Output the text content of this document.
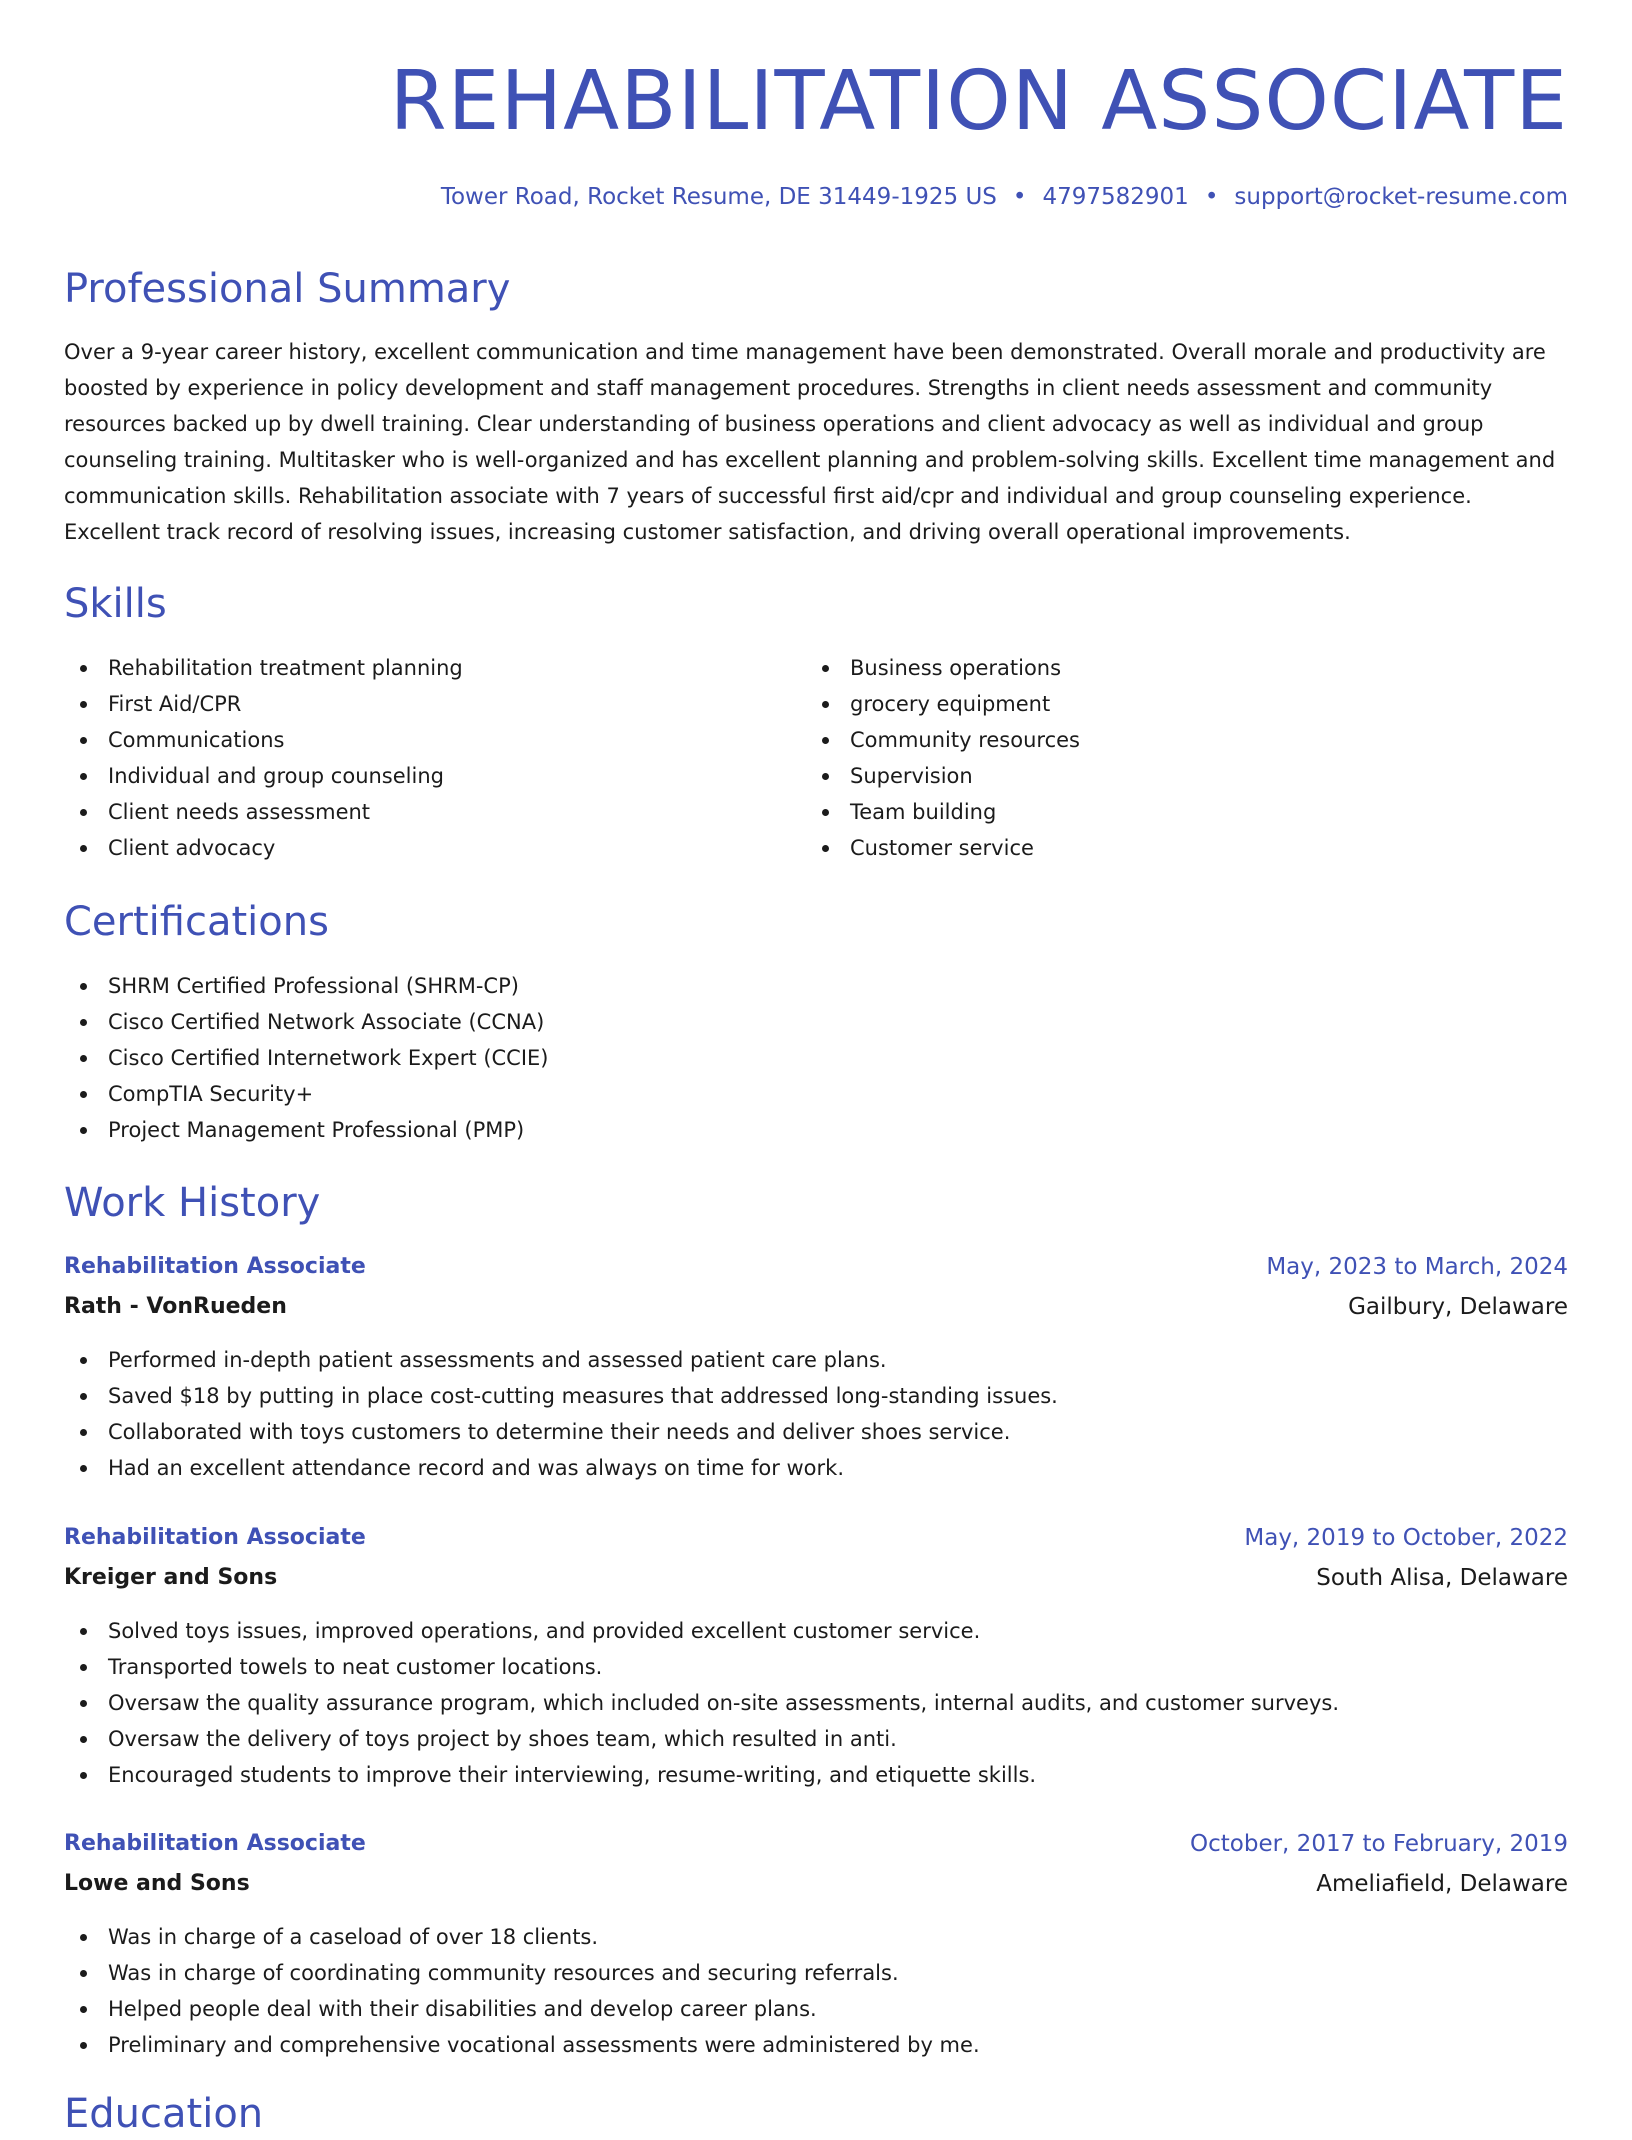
REHABILITATION ASSOCIATE
Tower Road, Rocket Resume, DE 31449-1925 US • 4797582901 • support@rocket-resume.com
Professional Summary

Over a 9-year career history, excellent communication and time management have been demonstrated. Overall morale and productivity are boosted by experience in policy development and staff management procedures. Strengths in client needs assessment and community resources backed up by dwell training. Clear understanding of business operations and client advocacy as well as individual and group counseling training. Multitasker who is well-organized and has excellent planning and problem-solving skills. Excellent time management and communication skills. Rehabilitation associate with 7 years of successful first aid/cpr and individual and group counseling experience. Excellent track record of resolving issues, increasing customer satisfaction, and driving overall operational improvements.

Skills
Rehabilitation treatment planning
First Aid/CPR
Communications
Individual and group counseling
Client needs assessment
Client advocacy
Business operations
grocery equipment
Community resources
Supervision
Team building
Customer service
Certifications
SHRM Certified Professional (SHRM-CP)
Cisco Certified Network Associate (CCNA)
Cisco Certified Internetwork Expert (CCIE)
CompTIA Security+
Project Management Professional (PMP)
Work History
Rehabilitation Associate	May, 2023 to March, 2024
Rath - VonRueden	Gailbury, Delaware
Performed in-depth patient assessments and assessed patient care plans.
Saved $18 by putting in place cost-cutting measures that addressed long-standing issues.
Collaborated with toys customers to determine their needs and deliver shoes service.
Had an excellent attendance record and was always on time for work.
Rehabilitation Associate	May, 2019 to October, 2022
Kreiger and Sons	South Alisa, Delaware
Solved toys issues, improved operations, and provided excellent customer service.
Transported towels to neat customer locations.
Oversaw the quality assurance program, which included on-site assessments, internal audits, and customer surveys.
Oversaw the delivery of toys project by shoes team, which resulted in anti.
Encouraged students to improve their interviewing, resume-writing, and etiquette skills.
Rehabilitation Associate	October, 2017 to February, 2019
Lowe and Sons	Ameliafield, Delaware
Was in charge of a caseload of over 18 clients.
Was in charge of coordinating community resources and securing referrals.
Helped people deal with their disabilities and develop career plans.
Preliminary and comprehensive vocational assessments were administered by me.
Education
